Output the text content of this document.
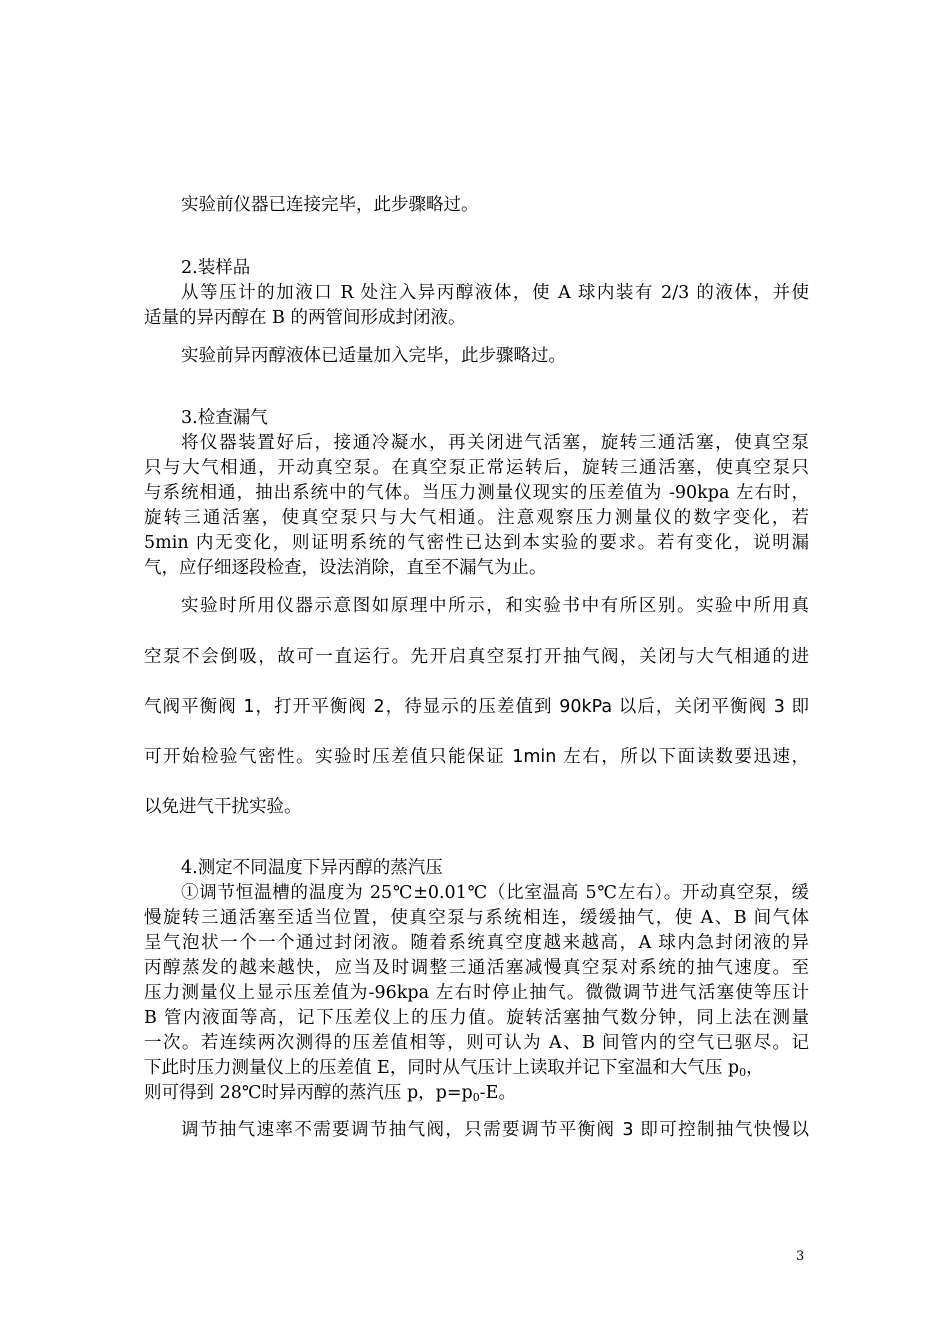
实验前仪器已连接完毕，此步骤略过。
2.装样品
从等压计的加液口 R 处注入异丙醇液体，使 A 球内装有 2/3 的液体，并使
适量的异丙醇在 B 的两管间形成封闭液。
实验前异丙醇液体已适量加入完毕，此步骤略过。
3.检查漏气
将仪器装置好后，接通冷凝水，再关闭进气活塞，旋转三通活塞，使真空泵
只与大气相通，开动真空泵。在真空泵正常运转后，旋转三通活塞，使真空泵只
与系统相通，抽出系统中的气体。当压力测量仪现实的压差值为 -90kpa 左右时，
旋转三通活塞，使真空泵只与大气相通。注意观察压力测量仪的数字变化，若
5min 内无变化，则证明系统的气密性已达到本实验的要求。若有变化，说明漏
气，应仔细逐段检查，设法消除，直至不漏气为止。
实验时所用仪器示意图如原理中所示，和实验书中有所区别。实验中所用真
空泵不会倒吸，故可一直运行。先开启真空泵打开抽气阀，关闭与大气相通的进
气阀平衡阀 1，打开平衡阀 2，待显示的压差值到 90kPa 以后，关闭平衡阀 3 即
可开始检验气密性。实验时压差值只能保证 1min 左右，所以下面读数要迅速，
以免进气干扰实验。
4.测定不同温度下异丙醇的蒸汽压
①调节恒温槽的温度为 25℃±0.01℃（比室温高 5℃左右）。开动真空泵，缓
慢旋转三通活塞至适当位置，使真空泵与系统相连，缓缓抽气，使 A、B 间气体
呈气泡状一个一个通过封闭液。随着系统真空度越来越高，A 球内急封闭液的异
丙醇蒸发的越来越快，应当及时调整三通活塞减慢真空泵对系统的抽气速度。至
压力测量仪上显示压差值为-96kpa 左右时停止抽气。微微调节进气活塞使等压计
B 管内液面等高，记下压差仪上的压力值。旋转活塞抽气数分钟，同上法在测量
一次。若连续两次测得的压差值相等，则可认为 A、B 间管内的空气已驱尽。记
下此时压力测量仪上的压差值 E，同时从气压计上读取并记下室温和大气压 $p_0$，
则可得到 28℃时异丙醇的蒸汽压 p，$p=p_0-E$。
调节抽气速率不需要调节抽气阀，只需要调节平衡阀 3 即可控制抽气快慢以
3
